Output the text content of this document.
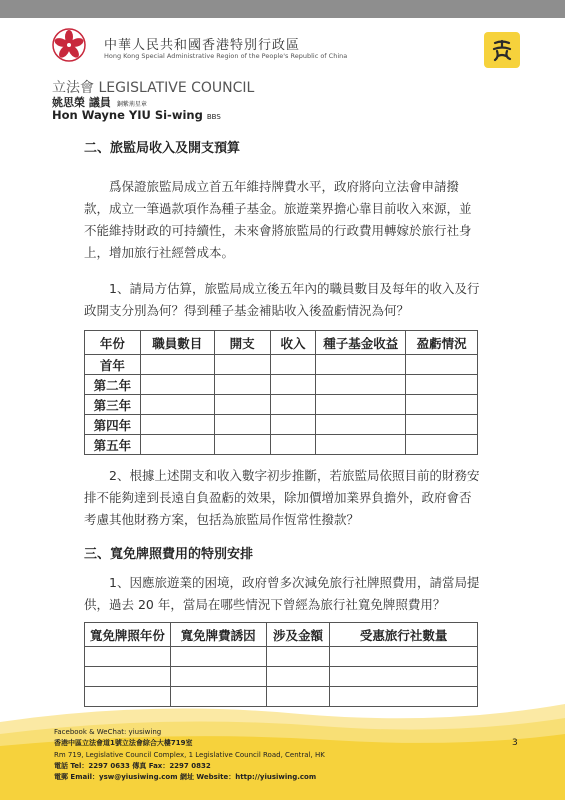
中華人民共和國香港特別行政區
Hong Kong Special Administrative Region of the People's Republic of China
立法會 LEGISLATIVE COUNCIL
姚思榮 議員 銅紫荊星章
Hon Wayne YIU Si-wing BBS
二、旅監局收入及開支預算

爲保證旅監局成立首五年維持牌費水平，政府將向立法會申請撥款，成立一筆過款項作為種子基金。旅遊業界擔心靠目前收入來源，並不能維持財政的可持續性，未來會將旅監局的行政費用轉嫁於旅行社身上，增加旅行社經營成本。

1、請局方估算，旅監局成立後五年內的職員數目及每年的收入及行政開支分別為何？得到種子基金補貼收入後盈虧情況為何？

年份	職員數目	開支	收入	種子基金收益	盈虧情況
首年					
第二年					
第三年					
第四年					
第五年					

2、根據上述開支和收入數字初步推斷，若旅監局依照目前的財務安排不能夠達到長遠自負盈虧的效果，除加價增加業界負擔外，政府會否考慮其他財務方案，包括為旅監局作恆常性撥款？

三、寬免牌照費用的特別安排

1、因應旅遊業的困境，政府曾多次減免旅行社牌照費用，請當局提供，過去 20 年，當局在哪些情況下曾經為旅行社寬免牌照費用？

寬免牌照年份	寬免牌費誘因	涉及金額	受惠旅行社數量

Facebook & WeChat: yiusiwing
香港中區立法會道1號立法會綜合大樓719室
Rm 719, Legislative Council Complex, 1 Legislative Council Road, Central, HK
電話 Tel：2297 0633 傳真 Fax：2297 0832
電郵 Email：ysw@yiusiwing.com 網址 Website：http://yiusiwing.com
3
